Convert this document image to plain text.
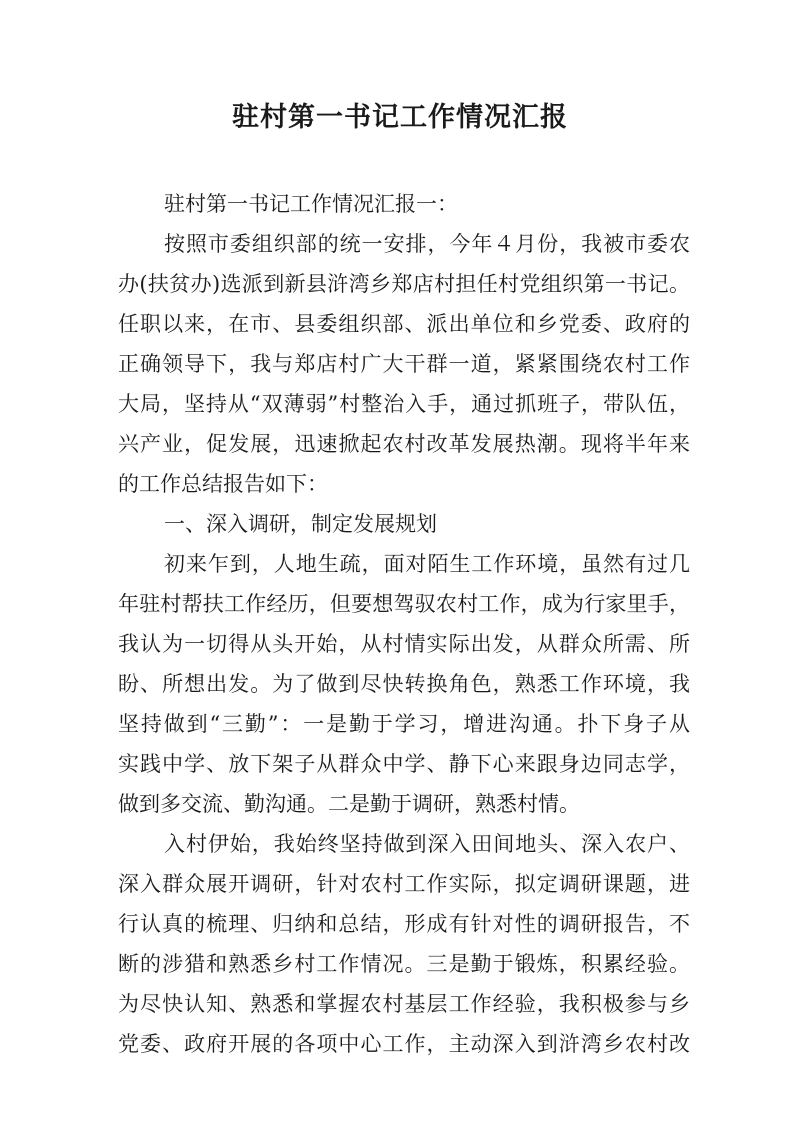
驻村第一书记工作情况汇报
驻村第一书记工作情况汇报一：
按照市委组织部的统一安排，今年４月份，我被市委农
办(扶贫办)选派到新县浒湾乡郑店村担任村党组织第一书记。
任职以来，在市、县委组织部、派出单位和乡党委、政府的
正确领导下，我与郑店村广大干群一道，紧紧围绕农村工作
大局，坚持从“双薄弱”村整治入手，通过抓班子，带队伍，
兴产业，促发展，迅速掀起农村改革发展热潮。现将半年来
的工作总结报告如下：
一、深入调研，制定发展规划
初来乍到，人地生疏，面对陌生工作环境，虽然有过几
年驻村帮扶工作经历，但要想驾驭农村工作，成为行家里手，
我认为一切得从头开始，从村情实际出发，从群众所需、所
盼、所想出发。为了做到尽快转换角色，熟悉工作环境，我
坚持做到“三勤”：一是勤于学习，增进沟通。扑下身子从
实践中学、放下架子从群众中学、静下心来跟身边同志学，
做到多交流、勤沟通。二是勤于调研，熟悉村情。
入村伊始，我始终坚持做到深入田间地头、深入农户、
深入群众展开调研，针对农村工作实际，拟定调研课题，进
行认真的梳理、归纳和总结，形成有针对性的调研报告，不
断的涉猎和熟悉乡村工作情况。三是勤于锻炼，积累经验。
为尽快认知、熟悉和掌握农村基层工作经验，我积极参与乡
党委、政府开展的各项中心工作，主动深入到浒湾乡农村改
